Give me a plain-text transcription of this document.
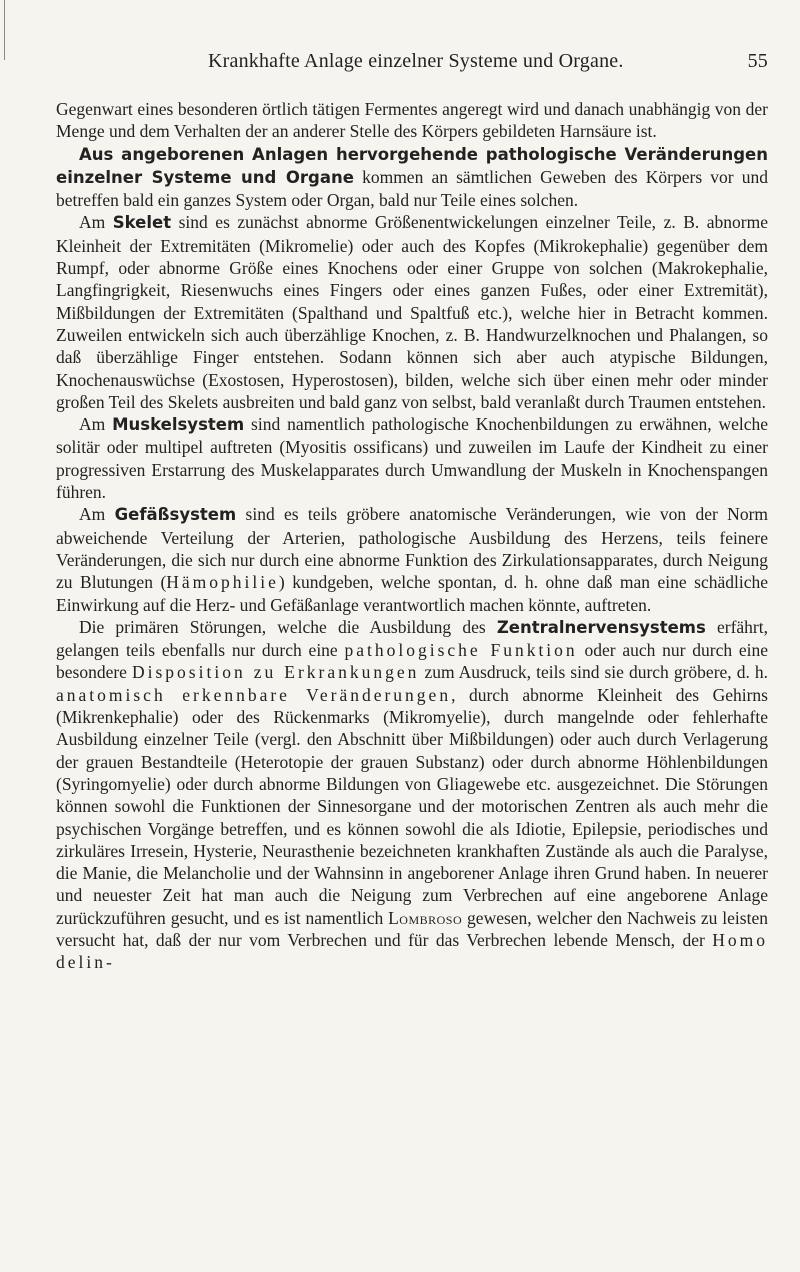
Krankhafte Anlage einzelner Systeme und Organe.	55

Gegenwart eines besonderen örtlich tätigen Fermentes angeregt wird und danach unabhängig von der Menge und dem Verhalten der an anderer Stelle des Körpers gebildeten Harnsäure ist.

Aus angeborenen Anlagen hervorgehende pathologische Veränderungen einzelner Systeme und Organe kommen an sämtlichen Geweben des Körpers vor und betreffen bald ein ganzes System oder Organ, bald nur Teile eines solchen.

Am Skelet sind es zunächst abnorme Größenentwickelungen einzelner Teile, z. B. abnorme Kleinheit der Extremitäten (Mikromelie) oder auch des Kopfes (Mikrokephalie) gegenüber dem Rumpf, oder abnorme Größe eines Knochens oder einer Gruppe von solchen (Makrokephalie, Langfingrigkeit, Riesenwuchs eines Fingers oder eines ganzen Fußes, oder einer Extremität), Mißbildungen der Extremitäten (Spalthand und Spaltfuß etc.), welche hier in Betracht kommen. Zuweilen entwickeln sich auch überzählige Knochen, z. B. Handwurzelknochen und Phalangen, so daß überzählige Finger entstehen. Sodann können sich aber auch atypische Bildungen, Knochenauswüchse (Exostosen, Hyperostosen), bilden, welche sich über einen mehr oder minder großen Teil des Skelets ausbreiten und bald ganz von selbst, bald veranlaßt durch Traumen entstehen.

Am Muskelsystem sind namentlich pathologische Knochenbildungen zu erwähnen, welche solitär oder multipel auftreten (Myositis ossificans) und zuweilen im Laufe der Kindheit zu einer progressiven Erstarrung des Muskelapparates durch Umwandlung der Muskeln in Knochenspangen führen.

Am Gefäßsystem sind es teils gröbere anatomische Veränderungen, wie von der Norm abweichende Verteilung der Arterien, pathologische Ausbildung des Herzens, teils feinere Veränderungen, die sich nur durch eine abnorme Funktion des Zirkulationsapparates, durch Neigung zu Blutungen (Hämophilie) kundgeben, welche spontan, d. h. ohne daß man eine schädliche Einwirkung auf die Herz- und Gefäßanlage verantwortlich machen könnte, auftreten.

Die primären Störungen, welche die Ausbildung des Zentralnervensystems erfährt, gelangen teils ebenfalls nur durch eine pathologische Funktion oder auch nur durch eine besondere Disposition zu Erkrankungen zum Ausdruck, teils sind sie durch gröbere, d. h. anatomisch erkennbare Veränderungen, durch abnorme Kleinheit des Gehirns (Mikrenkephalie) oder des Rückenmarks (Mikromyelie), durch mangelnde oder fehlerhafte Ausbildung einzelner Teile (vergl. den Abschnitt über Mißbildungen) oder auch durch Verlagerung der grauen Bestandteile (Heterotopie der grauen Substanz) oder durch abnorme Höhlenbildungen (Syringomyelie) oder durch abnorme Bildungen von Gliagewebe etc. ausgezeichnet. Die Störungen können sowohl die Funktionen der Sinnesorgane und der motorischen Zentren als auch mehr die psychischen Vorgänge betreffen, und es können sowohl die als Idiotie, Epilepsie, periodisches und zirkuläres Irresein, Hysterie, Neurasthenie bezeichneten krankhaften Zustände als auch die Paralyse, die Manie, die Melancholie und der Wahnsinn in angeborener Anlage ihren Grund haben. In neuerer und neuester Zeit hat man auch die Neigung zum Verbrechen auf eine angeborene Anlage zurückzuführen gesucht, und es ist namentlich Lombroso gewesen, welcher den Nachweis zu leisten versucht hat, daß der nur vom Verbrechen und für das Verbrechen lebende Mensch, der Homo delin-
